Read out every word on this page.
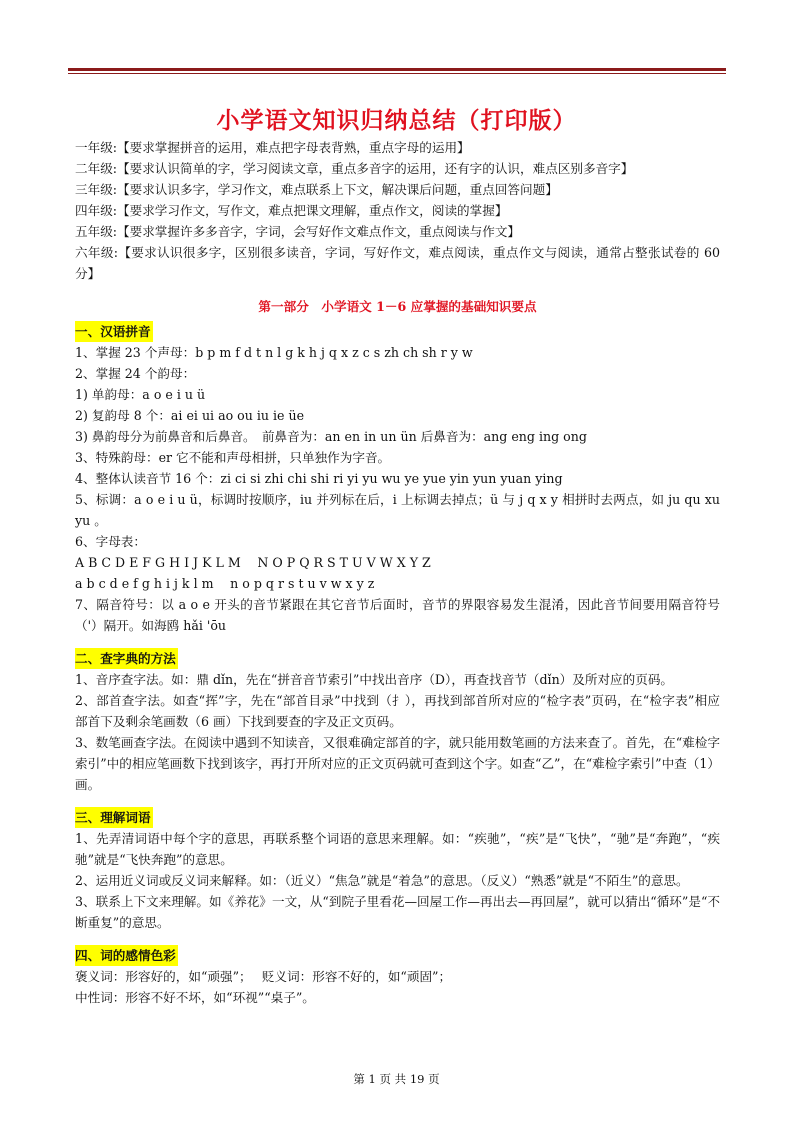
小学语文知识归纳总结（打印版）
一年级:【要求掌握拼音的运用，难点把字母表背熟，重点字母的运用】
二年级:【要求认识简单的字，学习阅读文章，重点多音字的运用，还有字的认识，难点区别多音字】
三年级:【要求认识多字，学习作文，难点联系上下文，解决课后问题，重点回答问题】
四年级:【要求学习作文，写作文，难点把课文理解，重点作文，阅读的掌握】
五年级:【要求掌握许多多音字，字词，会写好作文难点作文，重点阅读与作文】
六年级:【要求认识很多字，区别很多读音，字词，写好作文，难点阅读，重点作文与阅读，通常占整张试卷的 60 分】
第一部分　小学语文 1－6 应掌握的基础知识要点
一、汉语拼音
1、掌握 23 个声母：b p m f d t n l g k h j q x z c s zh ch sh r y w
2、掌握 24 个韵母：
1) 单韵母：a o e i u ü
2) 复韵母 8 个：ai ei ui ao ou iu ie üe
3) 鼻韵母分为前鼻音和后鼻音。　前鼻音为：an en in un ün 后鼻音为：ang eng ing ong
3、特殊韵母：er 它不能和声母相拼，只单独作为字音。
4、整体认读音节 16 个：zi ci si zhi chi shi ri yi yu wu ye yue yin yun yuan ying
5、标调：a o e i u ü，标调时按顺序，iu 并列标在后，i 上标调去掉点；ü 与 j q x y 相拼时去两点，如 ju qu xu yu 。
6、字母表：
A B C D E F G H I J K L M　 N O P Q R S T U V W X Y Z
a b c d e f g h i j k l m　 n o p q r s t u v w x y z
7、隔音符号：以 a o e 开头的音节紧跟在其它音节后面时，音节的界限容易发生混淆，因此音节间要用隔音符号（'）隔开。如海鸥 hǎi 'ōu
二、查字典的方法
1、音序查字法。如：鼎 dǐn，先在“拼音音节索引”中找出音序（D），再查找音节（dǐn）及所对应的页码。
2、部首查字法。如查“挥”字，先在“部首目录”中找到（扌），再找到部首所对应的“检字表”页码，在“检字表”相应部首下及剩余笔画数（6 画）下找到要查的字及正文页码。
3、数笔画查字法。在阅读中遇到不知读音，又很难确定部首的字，就只能用数笔画的方法来查了。首先，在“难检字索引”中的相应笔画数下找到该字，再打开所对应的正文页码就可查到这个字。如查“乙”，在“难检字索引”中查（1）画。
三、理解词语
1、先弄清词语中每个字的意思，再联系整个词语的意思来理解。如：“疾驰”，“疾”是“飞快”，“驰”是“奔跑”，“疾驰”就是“飞快奔跑”的意思。
2、运用近义词或反义词来解释。如：（近义）“焦急”就是“着急”的意思。（反义）“熟悉”就是“不陌生”的意思。
3、联系上下文来理解。如《养花》一文，从“到院子里看花—回屋工作—再出去—再回屋”，就可以猜出“循环”是“不断重复”的意思。
四、词的感情色彩
褒义词：形容好的，如“顽强”；　 贬义词：形容不好的，如“顽固”；
中性词：形容不好不坏，如“环视”“桌子”。
第 1 页 共 19 页
